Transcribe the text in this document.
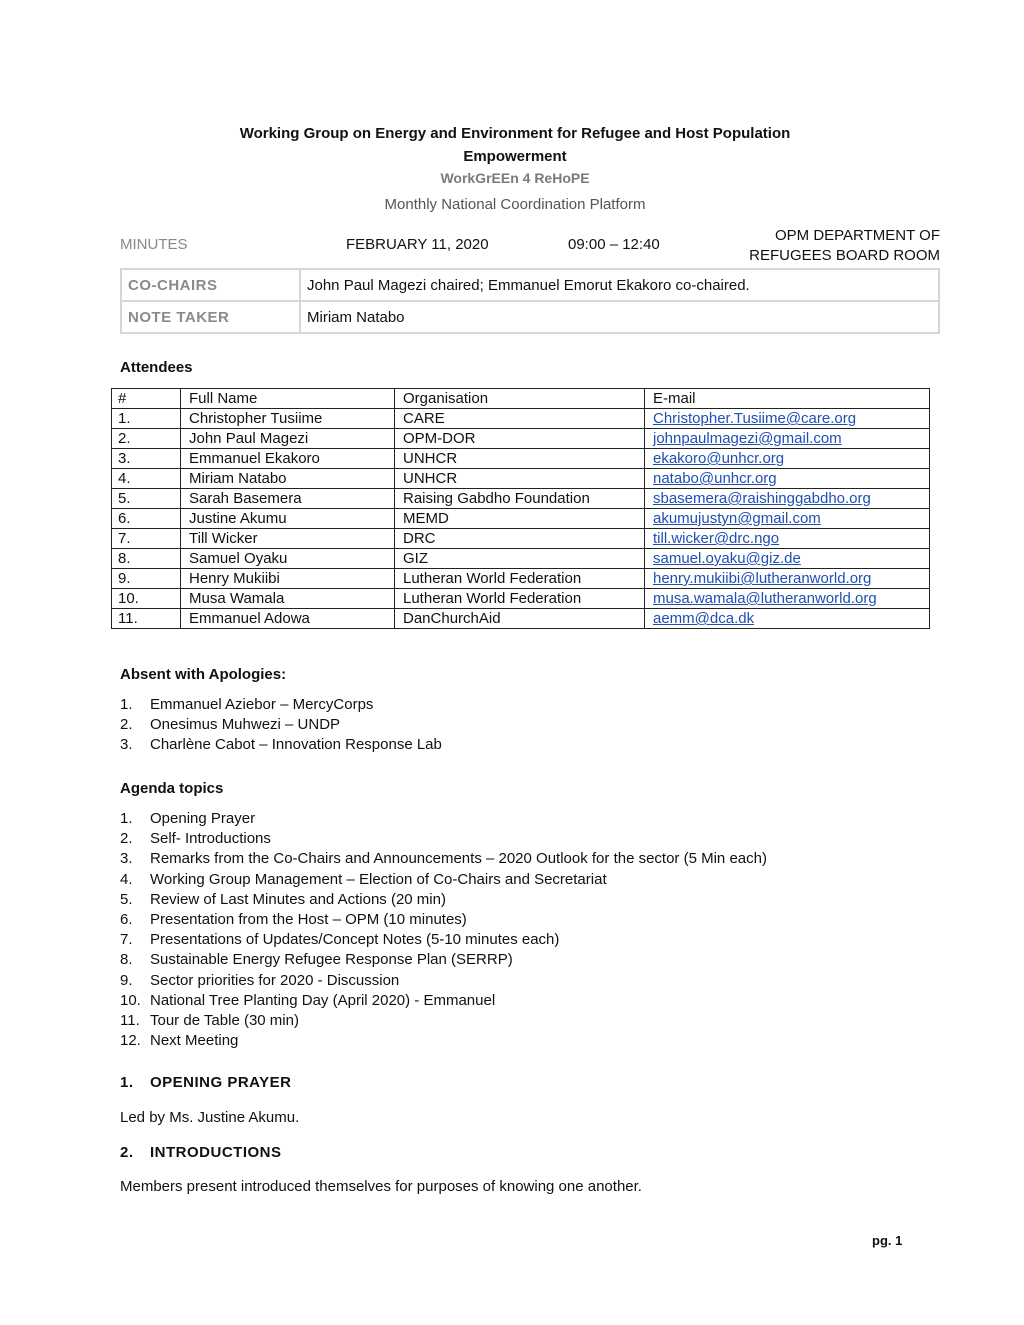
Working Group on Energy and Environment for Refugee and Host Population
Empowerment
WorkGrEEn 4 ReHoPE
Monthly National Coordination Platform
MINUTES	FEBRUARY 11, 2020	09:00 – 12:40
OPM DEPARTMENT OF
REFUGEES BOARD ROOM
CO-CHAIRS	John Paul Magezi chaired; Emmanuel Emorut Ekakoro co-chaired.
NOTE TAKER	Miriam Natabo
Attendees
#	Full Name	Organisation	E-mail
1.	Christopher Tusiime	CARE	Christopher.Tusiime@care.org
2.	John Paul Magezi	OPM-DOR	johnpaulmagezi@gmail.com
3.	Emmanuel Ekakoro	UNHCR	ekakoro@unhcr.org
4.	Miriam Natabo	UNHCR	natabo@unhcr.org
5.	Sarah Basemera	Raising Gabdho Foundation	sbasemera@raishinggabdho.org
6.	Justine Akumu	MEMD	akumujustyn@gmail.com
7.	Till Wicker	DRC	till.wicker@drc.ngo
8.	Samuel Oyaku	GIZ	samuel.oyaku@giz.de
9.	Henry Mukiibi	Lutheran World Federation	henry.mukiibi@lutheranworld.org
10.	Musa Wamala	Lutheran World Federation	musa.wamala@lutheranworld.org
11.	Emmanuel Adowa	DanChurchAid	aemm@dca.dk
Absent with Apologies:
1. Emmanuel Aziebor – MercyCorps
2. Onesimus Muhwezi – UNDP
3. Charlène Cabot – Innovation Response Lab
Agenda topics
1. Opening Prayer
2. Self- Introductions
3. Remarks from the Co-Chairs and Announcements – 2020 Outlook for the sector (5 Min each)
4. Working Group Management – Election of Co-Chairs and Secretariat
5. Review of Last Minutes and Actions (20 min)
6. Presentation from the Host – OPM (10 minutes)
7. Presentations of Updates/Concept Notes (5-10 minutes each)
8. Sustainable Energy Refugee Response Plan (SERRP)
9. Sector priorities for 2020 - Discussion
10. National Tree Planting Day (April 2020) - Emmanuel
11. Tour de Table (30 min)
12. Next Meeting
1. OPENING PRAYER
Led by Ms. Justine Akumu.
2. INTRODUCTIONS
Members present introduced themselves for purposes of knowing one another.
pg. 1
